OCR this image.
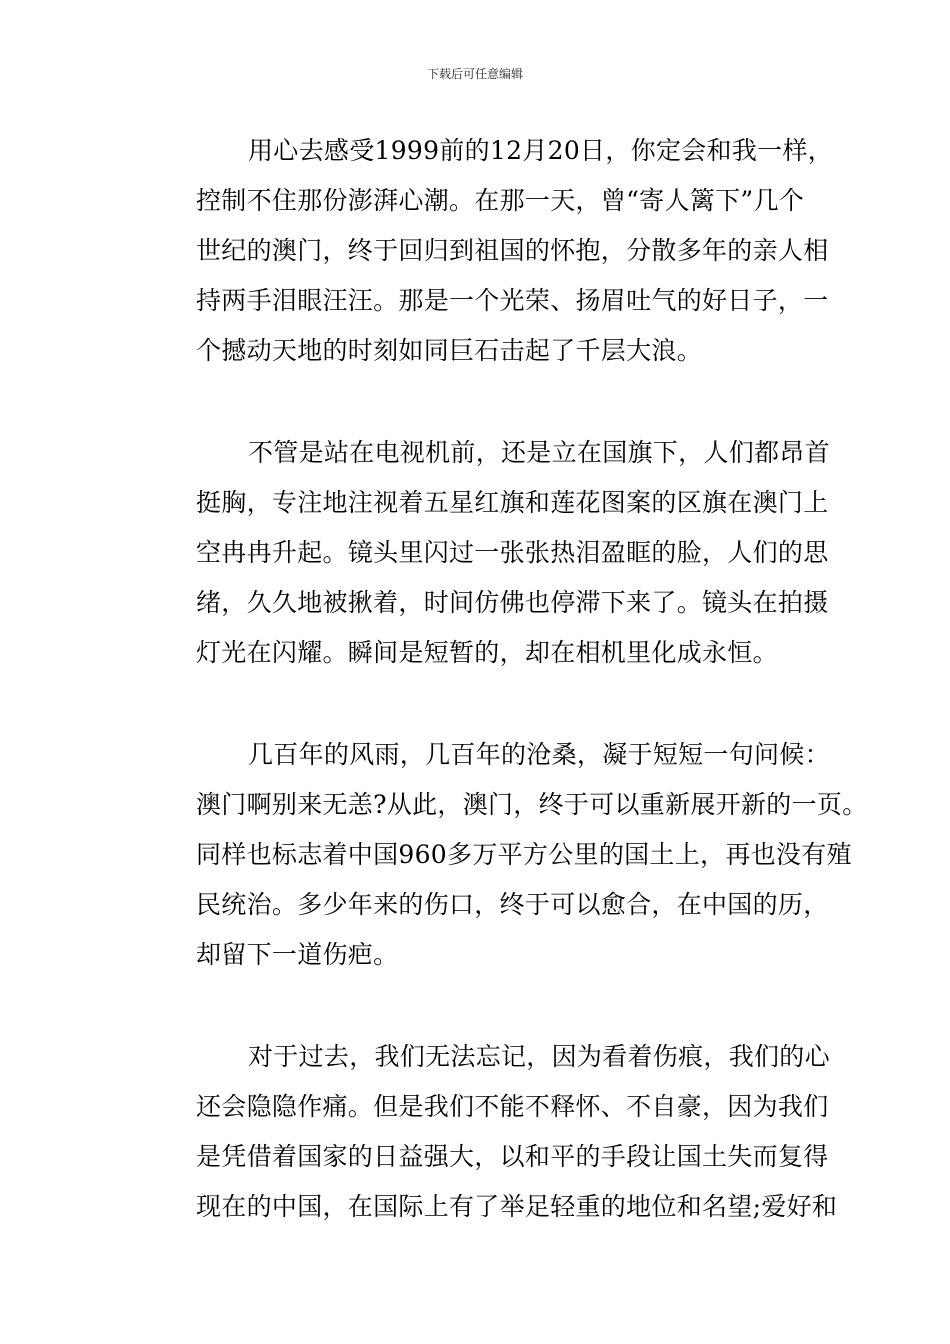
下载后可任意编辑
用心去感受1999前的12月20日，你定会和我一样，
控制不住那份澎湃心潮。在那一天，曾“寄人篱下”几个
世纪的澳门，终于回归到祖国的怀抱，分散多年的亲人相
持两手泪眼汪汪。那是一个光荣、扬眉吐气的好日子，一
个撼动天地的时刻如同巨石击起了千层大浪。
不管是站在电视机前，还是立在国旗下，人们都昂首
挺胸，专注地注视着五星红旗和莲花图案的区旗在澳门上
空冉冉升起。镜头里闪过一张张热泪盈眶的脸，人们的思
绪，久久地被揪着，时间仿佛也停滞下来了。镜头在拍摄
灯光在闪耀。瞬间是短暂的，却在相机里化成永恒。
几百年的风雨，几百年的沧桑，凝于短短一句问候：
澳门啊别来无恙?从此，澳门，终于可以重新展开新的一页。
同样也标志着中国960多万平方公里的国土上，再也没有殖
民统治。多少年来的伤口，终于可以愈合，在中国的历，
却留下一道伤疤。
对于过去，我们无法忘记，因为看着伤痕，我们的心
还会隐隐作痛。但是我们不能不释怀、不自豪，因为我们
是凭借着国家的日益强大，以和平的手段让国土失而复得
现在的中国，在国际上有了举足轻重的地位和名望;爱好和
